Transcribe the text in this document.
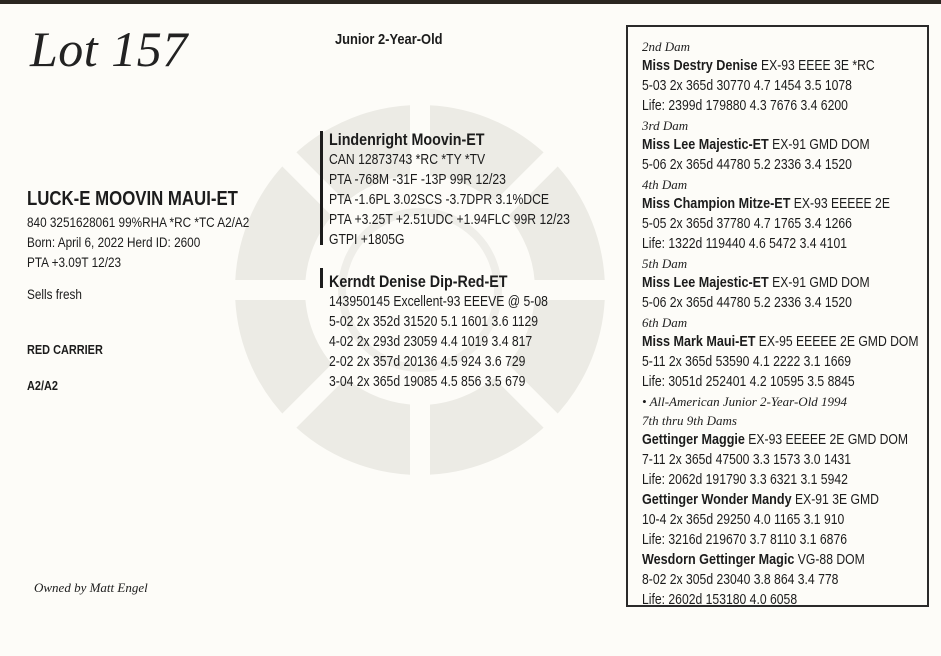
Lot 157	Junior 2-Year-Old
LUCK-E MOOVIN MAUI-ET
840 3251628061 99%RHA *RC *TC A2/A2
Born: April 6, 2022 Herd ID: 2600
PTA +3.09T 12/23
Sells fresh
RED CARRIER
A2/A2
Owned by Matt Engel
Lindenright Moovin-ET
CAN 12873743 *RC *TY *TV
PTA -768M -31F -13P 99R 12/23
PTA -1.6PL 3.02SCS -3.7DPR 3.1%DCE
PTA +3.25T +2.51UDC +1.94FLC 99R 12/23
GTPI +1805G
Kerndt Denise Dip-Red-ET
143950145 Excellent-93 EEEVE @ 5-08
5-02 2x 352d 31520 5.1 1601 3.6 1129
4-02 2x 293d 23059 4.4 1019 3.4 817
2-02 2x 357d 20136 4.5 924 3.6 729
3-04 2x 365d 19085 4.5 856 3.5 679
2nd Dam
Miss Destry Denise EX-93 EEEE 3E *RC
5-03 2x 365d 30770 4.7 1454 3.5 1078
Life: 2399d 179880 4.3 7676 3.4 6200
3rd Dam
Miss Lee Majestic-ET EX-91 GMD DOM
5-06 2x 365d 44780 5.2 2336 3.4 1520
4th Dam
Miss Champion Mitze-ET EX-93 EEEEE 2E
5-05 2x 365d 37780 4.7 1765 3.4 1266
Life: 1322d 119440 4.6 5472 3.4 4101
5th Dam
Miss Lee Majestic-ET EX-91 GMD DOM
5-06 2x 365d 44780 5.2 2336 3.4 1520
6th Dam
Miss Mark Maui-ET EX-95 EEEEE 2E GMD DOM
5-11 2x 365d 53590 4.1 2222 3.1 1669
Life: 3051d 252401 4.2 10595 3.5 8845
• All-American Junior 2-Year-Old 1994
7th thru 9th Dams
Gettinger Maggie EX-93 EEEEE 2E GMD DOM
7-11 2x 365d 47500 3.3 1573 3.0 1431
Life: 2062d 191790 3.3 6321 3.1 5942
Gettinger Wonder Mandy EX-91 3E GMD
10-4 2x 365d 29250 4.0 1165 3.1 910
Life: 3216d 219670 3.7 8110 3.1 6876
Wesdorn Gettinger Magic VG-88 DOM
8-02 2x 305d 23040 3.8 864 3.4 778
Life: 2602d 153180 4.0 6058
